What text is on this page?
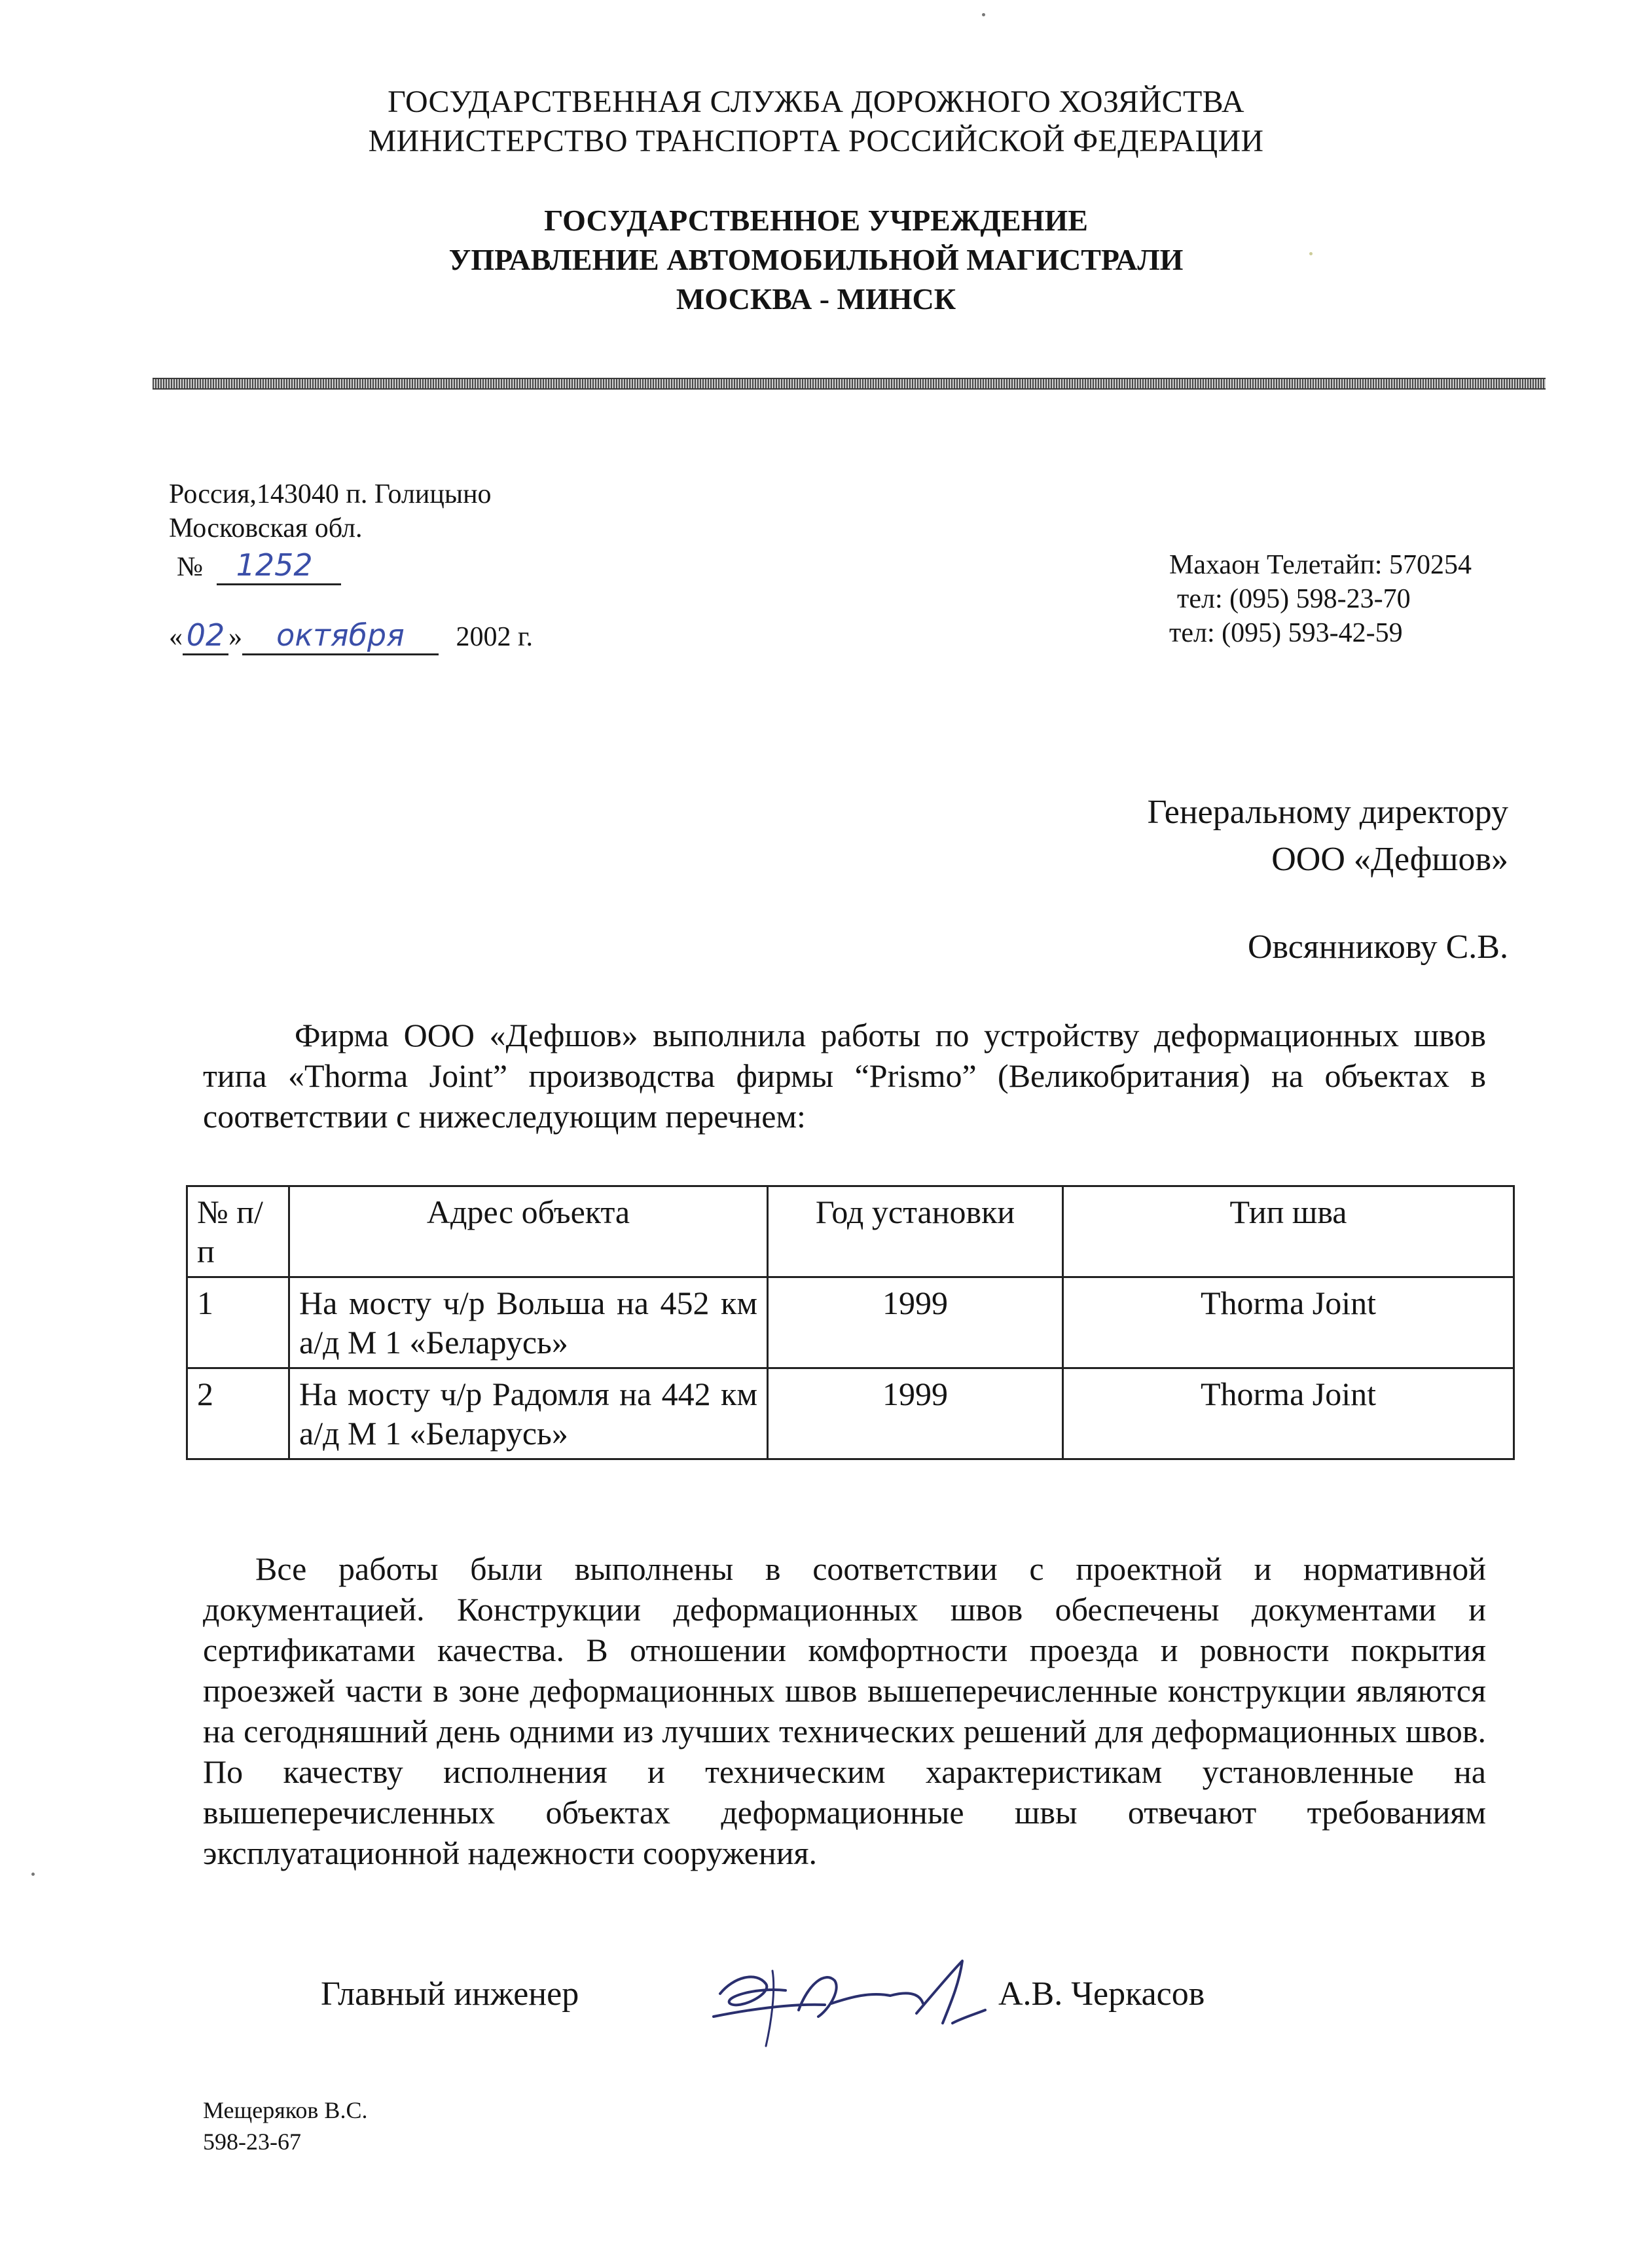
ГОСУДАРСТВЕННАЯ СЛУЖБА ДОРОЖНОГО ХОЗЯЙСТВА
МИНИСТЕРСТВО ТРАНСПОРТА РОССИЙСКОЙ ФЕДЕРАЦИИ
ГОСУДАРСТВЕННОЕ УЧРЕЖДЕНИЕ
УПРАВЛЕНИЕ АВТОМОБИЛЬНОЙ МАГИСТРАЛИ
МОСКВА - МИНСК
Россия,143040 п. Голицыно
Московская обл.
№ 1252
« 02 » октября 2002 г.
Махаон Телетайп: 570254
тел: (095) 598-23-70
тел: (095) 593-42-59
Генеральному директору
ООО «Дефшов»
Овсянникову С.В.
Фирма ООО «Дефшов» выполнила работы по устройству деформационных швов типа «Thorma Joint” производства фирмы “Prismo” (Великобритания) на объектах в соответствии с нижеследующим перечнем:
№ п/п	Адрес объекта	Год установки	Тип шва
1	На мосту ч/р Вольша на 452 км а/д М 1 «Беларусь»	1999	Thorma Joint
2	На мосту ч/р Радомля на 442 км а/д М 1 «Беларусь»	1999	Thorma Joint
Все работы были выполнены в соответствии с проектной и нормативной документацией. Конструкции деформационных швов обеспечены документами и сертификатами качества. В отношении комфортности проезда и ровности покрытия проезжей части в зоне деформационных швов вышеперечисленные конструкции являются на сегодняшний день одними из лучших технических решений для деформационных швов. По качеству исполнения и техническим характеристикам установленные на вышеперечисленных объектах деформационные швы отвечают требованиям эксплуатационной надежности сооружения.
Главный инженер	А.В. Черкасов
Мещеряков В.С.
598-23-67
